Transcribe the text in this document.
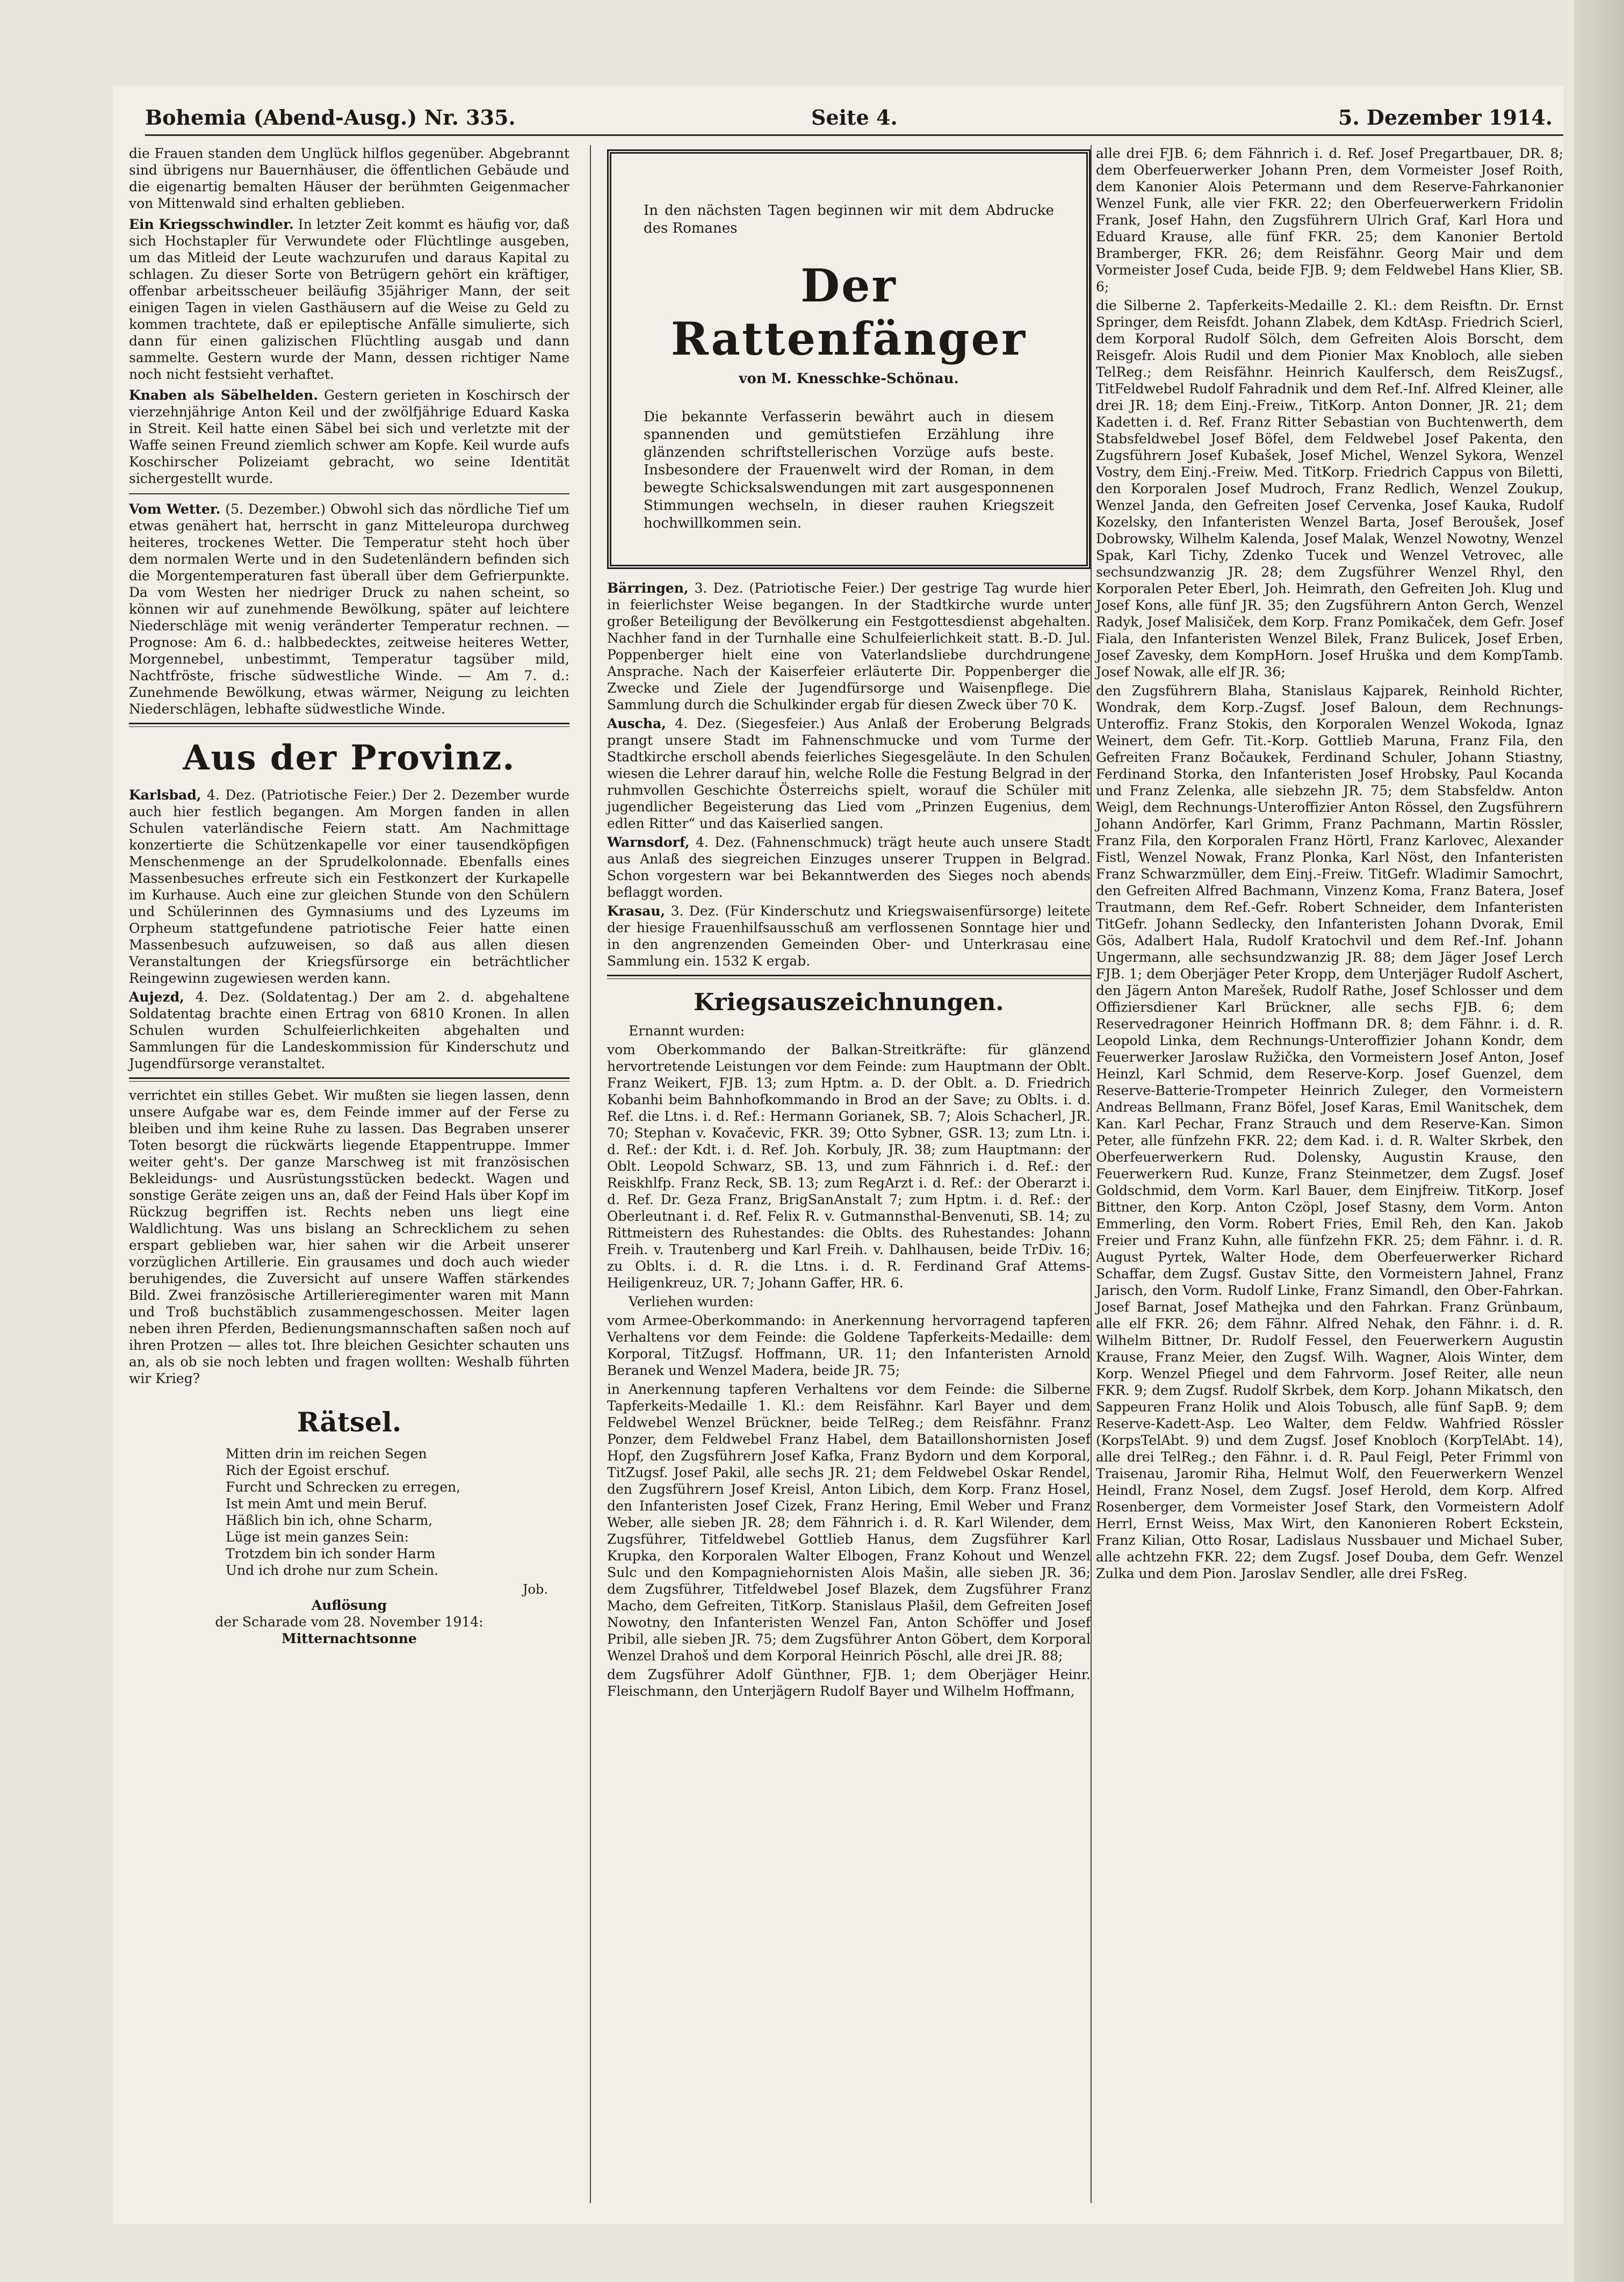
Bohemia (Abend-Ausg.) Nr. 335.	Seite 4.	5. Dezember 1914.

die Frauen standen dem Unglück hilflos gegenüber. Abgebrannt sind übrigens nur Bauernhäuser, die öffentlichen Gebäude und die eigenartig bemalten Häuser der berühmten Geigenmacher von Mittenwald sind erhalten geblieben.

Ein Kriegsschwindler. In letzter Zeit kommt es häufig vor, daß sich Hochstapler für Verwundete oder Flüchtlinge ausgeben, um das Mitleid der Leute wachzurufen und daraus Kapital zu schlagen. Zu dieser Sorte von Betrügern gehört ein kräftiger, offenbar arbeitsscheuer beiläufig 35jähriger Mann, der seit einigen Tagen in vielen Gasthäusern auf die Weise zu Geld zu kommen trachtete, daß er epileptische Anfälle simulierte, sich dann für einen galizischen Flüchtling ausgab und dann sammelte. Gestern wurde der Mann, dessen richtiger Name noch nicht festsieht verhaftet.

Knaben als Säbelhelden. Gestern gerieten in Koschirsch der vierzehnjährige Anton Keil und der zwölfjährige Eduard Kaska in Streit. Keil hatte einen Säbel bei sich und verletzte mit der Waffe seinen Freund ziemlich schwer am Kopfe. Keil wurde aufs Koschirscher Polizeiamt gebracht, wo seine Identität sichergestellt wurde.

Vom Wetter. (5. Dezember.) Obwohl sich das nördliche Tief um etwas genähert hat, herrscht in ganz Mitteleuropa durchweg heiteres, trockenes Wetter. Die Temperatur steht hoch über dem normalen Werte und in den Sudetenländern befinden sich die Morgentemperaturen fast überall über dem Gefrierpunkte. Da vom Westen her niedriger Druck zu nahen scheint, so können wir auf zunehmende Bewölkung, später auf leichtere Niederschläge mit wenig veränderter Temperatur rechnen. — Prognose: Am 6. d.: halbbedecktes, zeitweise heiteres Wetter, Morgennebel, unbestimmt, Temperatur tagsüber mild, Nachtfröste, frische südwestliche Winde. — Am 7. d.: Zunehmende Bewölkung, etwas wärmer, Neigung zu leichten Niederschlägen, lebhafte südwestliche Winde.

Aus der Provinz.

Karlsbad, 4. Dez. (Patriotische Feier.) Der 2. Dezember wurde auch hier festlich begangen. Am Morgen fanden in allen Schulen vaterländische Feiern statt. Am Nachmittage konzertierte die Schützenkapelle vor einer tausendköpfigen Menschenmenge an der Sprudelkolonnade. Ebenfalls eines Massenbesuches erfreute sich ein Festkonzert der Kurkapelle im Kurhause. Auch eine zur gleichen Stunde von den Schülern und Schülerinnen des Gymnasiums und des Lyzeums im Orpheum stattgefundene patriotische Feier hatte einen Massenbesuch aufzuweisen, so daß aus allen diesen Veranstaltungen der Kriegsfürsorge ein beträchtlicher Reingewinn zugewiesen werden kann.

Aujezd, 4. Dez. (Soldatentag.) Der am 2. d. abgehaltene Soldatentag brachte einen Ertrag von 6810 Kronen. In allen Schulen wurden Schulfeierlichkeiten abgehalten und Sammlungen für die Landeskommission für Kinderschutz und Jugendfürsorge veranstaltet.

verrichtet ein stilles Gebet. Wir mußten sie liegen lassen, denn unsere Aufgabe war es, dem Feinde immer auf der Ferse zu bleiben und ihm keine Ruhe zu lassen. Das Begraben unserer Toten besorgt die rückwärts liegende Etappentruppe. Immer weiter geht's. Der ganze Marschweg ist mit französischen Bekleidungs- und Ausrüstungsstücken bedeckt. Wagen und sonstige Geräte zeigen uns an, daß der Feind Hals über Kopf im Rückzug begriffen ist. Rechts neben uns liegt eine Waldlichtung. Was uns bislang an Schrecklichem zu sehen erspart geblieben war, hier sahen wir die Arbeit unserer vorzüglichen Artillerie. Ein grausames und doch auch wieder beruhigendes, die Zuversicht auf unsere Waffen stärkendes Bild. Zwei französische Artillerieregimenter waren mit Mann und Troß buchstäblich zusammengeschossen. Meiter lagen neben ihren Pferden, Bedienungsmannschaften saßen noch auf ihren Protzen — alles tot. Ihre bleichen Gesichter schauten uns an, als ob sie noch lebten und fragen wollten: Weshalb führten wir Krieg?

Rätsel.
Mitten drin im reichen Segen
Rich der Egoist erschuf.
Furcht und Schrecken zu erregen,
Ist mein Amt und mein Beruf.
Häßlich bin ich, ohne Scharm,
Lüge ist mein ganzes Sein:
Trotzdem bin ich sonder Harm
Und ich drohe nur zum Schein.
Job.
Auflösung
der Scharade vom 28. November 1914:
Mitternachtsonne
In den nächsten Tagen beginnen wir mit dem Abdrucke des Romanes
Der Rattenfänger
von M. Knesschke-Schönau.
Die bekannte Verfasserin bewährt auch in diesem spannenden und gemütstiefen Erzählung ihre glänzenden schriftstellerischen Vorzüge aufs beste. Insbesondere der Frauenwelt wird der Roman, in dem bewegte Schicksalswendungen mit zart ausgesponnenen Stimmungen wechseln, in dieser rauhen Kriegszeit hochwillkommen sein.

Bärringen, 3. Dez. (Patriotische Feier.) Der gestrige Tag wurde hier in feierlichster Weise begangen. In der Stadtkirche wurde unter großer Beteiligung der Bevölkerung ein Festgottesdienst abgehalten. Nachher fand in der Turnhalle eine Schulfeierlichkeit statt. B.-D. Jul. Poppenberger hielt eine von Vaterlandsliebe durchdrungene Ansprache. Nach der Kaiserfeier erläuterte Dir. Poppenberger die Zwecke und Ziele der Jugendfürsorge und Waisenpflege. Die Sammlung durch die Schulkinder ergab für diesen Zweck über 70 K.

Auscha, 4. Dez. (Siegesfeier.) Aus Anlaß der Eroberung Belgrads prangt unsere Stadt im Fahnenschmucke und vom Turme der Stadtkirche erscholl abends feierliches Siegesgeläute. In den Schulen wiesen die Lehrer darauf hin, welche Rolle die Festung Belgrad in der ruhmvollen Geschichte Österreichs spielt, worauf die Schüler mit jugendlicher Begeisterung das Lied vom „Prinzen Eugenius, dem edlen Ritter“ und das Kaiserlied sangen.

Warnsdorf, 4. Dez. (Fahnenschmuck) trägt heute auch unsere Stadt aus Anlaß des siegreichen Einzuges unserer Truppen in Belgrad. Schon vorgestern war bei Bekanntwerden des Sieges noch abends beflaggt worden.

Krasau, 3. Dez. (Für Kinderschutz und Kriegswaisenfürsorge) leitete der hiesige Frauenhilfsausschuß am verflossenen Sonntage hier und in den angrenzenden Gemeinden Ober- und Unterkrasau eine Sammlung ein. 1532 K ergab.

Kriegsauszeichnungen.

Ernannt wurden:

vom Oberkommando der Balkan-Streitkräfte: für glänzend hervortretende Leistungen vor dem Feinde: zum Hauptmann der Oblt. Franz Weikert, FJB. 13; zum Hptm. a. D. der Oblt. a. D. Friedrich Kobanhi beim Bahnhofkommando in Brod an der Save; zu Oblts. i. d. Ref. die Ltns. i. d. Ref.: Hermann Gorianek, SB. 7; Alois Schacherl, JR. 70; Stephan v. Kovačevic, FKR. 39; Otto Sybner, GSR. 13; zum Ltn. i. d. Ref.: der Kdt. i. d. Ref. Joh. Korbuly, JR. 38; zum Hauptmann: der Oblt. Leopold Schwarz, SB. 13, und zum Fähnrich i. d. Ref.: der Reiskhlfp. Franz Reck, SB. 13; zum RegArzt i. d. Ref.: der Oberarzt i. d. Ref. Dr. Geza Franz, BrigSanAnstalt 7; zum Hptm. i. d. Ref.: der Oberleutnant i. d. Ref. Felix R. v. Gutmannsthal-Benvenuti, SB. 14; zu Rittmeistern des Ruhestandes: die Oblts. des Ruhestandes: Johann Freih. v. Trautenberg und Karl Freih. v. Dahlhausen, beide TrDiv. 16; zu Oblts. i. d. R. die Ltns. i. d. R. Ferdinand Graf Attems-Heiligenkreuz, UR. 7; Johann Gaffer, HR. 6.

Verliehen wurden:

vom Armee-Oberkommando: in Anerkennung hervorragend tapferen Verhaltens vor dem Feinde: die Goldene Tapferkeits-Medaille: dem Korporal, TitZugsf. Hoffmann, UR. 11; den Infanteristen Arnold Beranek und Wenzel Madera, beide JR. 75;

in Anerkennung tapferen Verhaltens vor dem Feinde: die Silberne Tapferkeits-Medaille 1. Kl.: dem Reisfähnr. Karl Bayer und dem Feldwebel Wenzel Brückner, beide TelReg.; dem Reisfähnr. Franz Ponzer, dem Feldwebel Franz Habel, dem Bataillonshornisten Josef Hopf, den Zugsführern Josef Kafka, Franz Bydorn und dem Korporal, TitZugsf. Josef Pakil, alle sechs JR. 21; dem Feldwebel Oskar Rendel, den Zugsführern Josef Kreisl, Anton Libich, dem Korp. Franz Hosel, den Infanteristen Josef Cizek, Franz Hering, Emil Weber und Franz Weber, alle sieben JR. 28; dem Fähnrich i. d. R. Karl Wilender, dem Zugsführer, Titfeldwebel Gottlieb Hanus, dem Zugsführer Karl Krupka, den Korporalen Walter Elbogen, Franz Kohout und Wenzel Sulc und den Kompagniehornisten Alois Mašin, alle sieben JR. 36; dem Zugsführer, Titfeldwebel Josef Blazek, dem Zugsführer Franz Macho, dem Gefreiten, TitKorp. Stanislaus Plašil, dem Gefreiten Josef Nowotny, den Infanteristen Wenzel Fan, Anton Schöffer und Josef Pribil, alle sieben JR. 75; dem Zugsführer Anton Göbert, dem Korporal Wenzel Drahoš und dem Korporal Heinrich Pöschl, alle drei JR. 88;

dem Zugsführer Adolf Günthner, FJB. 1; dem Oberjäger Heinr. Fleischmann, den Unterjägern Rudolf Bayer und Wilhelm Hoffmann,

alle drei FJB. 6; dem Fähnrich i. d. Ref. Josef Pregartbauer, DR. 8; dem Oberfeuerwerker Johann Pren, dem Vormeister Josef Roith, dem Kanonier Alois Petermann und dem Reserve-Fahrkanonier Wenzel Funk, alle vier FKR. 22; den Oberfeuerwerkern Fridolin Frank, Josef Hahn, den Zugsführern Ulrich Graf, Karl Hora und Eduard Krause, alle fünf FKR. 25; dem Kanonier Bertold Bramberger, FKR. 26; dem Reisfähnr. Georg Mair und dem Vormeister Josef Cuda, beide FJB. 9; dem Feldwebel Hans Klier, SB. 6;

die Silberne 2. Tapferkeits-Medaille 2. Kl.: dem Reisftn. Dr. Ernst Springer, dem Reisfdt. Johann Zlabek, dem KdtAsp. Friedrich Scierl, dem Korporal Rudolf Sölch, dem Gefreiten Alois Borscht, dem Reisgefr. Alois Rudil und dem Pionier Max Knobloch, alle sieben TelReg.; dem Reisfähnr. Heinrich Kaulfersch, dem ReisZugsf., TitFeldwebel Rudolf Fahradnik und dem Ref.-Inf. Alfred Kleiner, alle drei JR. 18; dem Einj.-Freiw., TitKorp. Anton Donner, JR. 21; dem Kadetten i. d. Ref. Franz Ritter Sebastian von Buchtenwerth, dem Stabsfeldwebel Josef Böfel, dem Feldwebel Josef Pakenta, den Zugsführern Josef Kubašek, Josef Michel, Wenzel Sykora, Wenzel Vostry, dem Einj.-Freiw. Med. TitKorp. Friedrich Cappus von Biletti, den Korporalen Josef Mudroch, Franz Redlich, Wenzel Zoukup, Wenzel Janda, den Gefreiten Josef Cervenka, Josef Kauka, Rudolf Kozelsky, den Infanteristen Wenzel Barta, Josef Beroušek, Josef Dobrowsky, Wilhelm Kalenda, Josef Malak, Wenzel Nowotny, Wenzel Spak, Karl Tichy, Zdenko Tucek und Wenzel Vetrovec, alle sechsundzwanzig JR. 28; dem Zugsführer Wenzel Rhyl, den Korporalen Peter Eberl, Joh. Heimrath, den Gefreiten Joh. Klug und Josef Kons, alle fünf JR. 35; den Zugsführern Anton Gerch, Wenzel Radyk, Josef Malisiček, dem Korp. Franz Pomikaček, dem Gefr. Josef Fiala, den Infanteristen Wenzel Bilek, Franz Bulicek, Josef Erben, Josef Zavesky, dem KompHorn. Josef Hruška und dem KompTamb. Josef Nowak, alle elf JR. 36;

den Zugsführern Blaha, Stanislaus Kajparek, Reinhold Richter, Wondrak, dem Korp.-Zugsf. Josef Baloun, dem Rechnungs-Unteroffiz. Franz Stokis, den Korporalen Wenzel Wokoda, Ignaz Weinert, dem Gefr. Tit.-Korp. Gottlieb Maruna, Franz Fila, den Gefreiten Franz Bočaukek, Ferdinand Schuler, Johann Stiastny, Ferdinand Storka, den Infanteristen Josef Hrobsky, Paul Kocanda und Franz Zelenka, alle siebzehn JR. 75; dem Stabsfeldw. Anton Weigl, dem Rechnungs-Unteroffizier Anton Rössel, den Zugsführern Johann Andörfer, Karl Grimm, Franz Pachmann, Martin Rössler, Franz Fila, den Korporalen Franz Hörtl, Franz Karlovec, Alexander Fistl, Wenzel Nowak, Franz Plonka, Karl Nöst, den Infanteristen Franz Schwarzmüller, dem Einj.-Freiw. TitGefr. Wladimir Samochrt, den Gefreiten Alfred Bachmann, Vinzenz Koma, Franz Batera, Josef Trautmann, dem Ref.-Gefr. Robert Schneider, dem Infanteristen TitGefr. Johann Sedlecky, den Infanteristen Johann Dvorak, Emil Gös, Adalbert Hala, Rudolf Kratochvil und dem Ref.-Inf. Johann Ungermann, alle sechsundzwanzig JR. 88; dem Jäger Josef Lerch FJB. 1; dem Oberjäger Peter Kropp, dem Unterjäger Rudolf Aschert, den Jägern Anton Marešek, Rudolf Rathe, Josef Schlosser und dem Offiziersdiener Karl Brückner, alle sechs FJB. 6; dem Reservedragoner Heinrich Hoffmann DR. 8; dem Fähnr. i. d. R. Leopold Linka, dem Rechnungs-Unteroffizier Johann Kondr, dem Feuerwerker Jaroslaw Ružička, den Vormeistern Josef Anton, Josef Heinzl, Karl Schmid, dem Reserve-Korp. Josef Guenzel, dem Reserve-Batterie-Trompeter Heinrich Zuleger, den Vormeistern Andreas Bellmann, Franz Böfel, Josef Karas, Emil Wanitschek, dem Kan. Karl Pechar, Franz Strauch und dem Reserve-Kan. Simon Peter, alle fünfzehn FKR. 22; dem Kad. i. d. R. Walter Skrbek, den Oberfeuerwerkern Rud. Dolensky, Augustin Krause, den Feuerwerkern Rud. Kunze, Franz Steinmetzer, dem Zugsf. Josef Goldschmid, dem Vorm. Karl Bauer, dem Einjfreiw. TitKorp. Josef Bittner, den Korp. Anton Czöpl, Josef Stasny, dem Vorm. Anton Emmerling, den Vorm. Robert Fries, Emil Reh, den Kan. Jakob Freier und Franz Kuhn, alle fünfzehn FKR. 25; dem Fähnr. i. d. R. August Pyrtek, Walter Hode, dem Oberfeuerwerker Richard Schaffar, dem Zugsf. Gustav Sitte, den Vormeistern Jahnel, Franz Jarisch, den Vorm. Rudolf Linke, Franz Simandl, den Ober-Fahrkan. Josef Barnat, Josef Mathejka und den Fahrkan. Franz Grünbaum, alle elf FKR. 26; dem Fähnr. Alfred Nehak, den Fähnr. i. d. R. Wilhelm Bittner, Dr. Rudolf Fessel, den Feuerwerkern Augustin Krause, Franz Meier, den Zugsf. Wilh. Wagner, Alois Winter, dem Korp. Wenzel Pfiegel und dem Fahrvorm. Josef Reiter, alle neun FKR. 9; dem Zugsf. Rudolf Skrbek, dem Korp. Johann Mikatsch, den Sappeuren Franz Holik und Alois Tobusch, alle fünf SapB. 9; dem Reserve-Kadett-Asp. Leo Walter, dem Feldw. Wahfried Rössler (KorpsTelAbt. 9) und dem Zugsf. Josef Knobloch (KorpTelAbt. 14), alle drei TelReg.; den Fähnr. i. d. R. Paul Feigl, Peter Frimml von Traisenau, Jaromir Riha, Helmut Wolf, den Feuerwerkern Wenzel Heindl, Franz Nosel, dem Zugsf. Josef Herold, dem Korp. Alfred Rosenberger, dem Vormeister Josef Stark, den Vormeistern Adolf Herrl, Ernst Weiss, Max Wirt, den Kanonieren Robert Eckstein, Franz Kilian, Otto Rosar, Ladislaus Nussbauer und Michael Suber, alle achtzehn FKR. 22; dem Zugsf. Josef Douba, dem Gefr. Wenzel Zulka und dem Pion. Jaroslav Sendler, alle drei FsReg.
